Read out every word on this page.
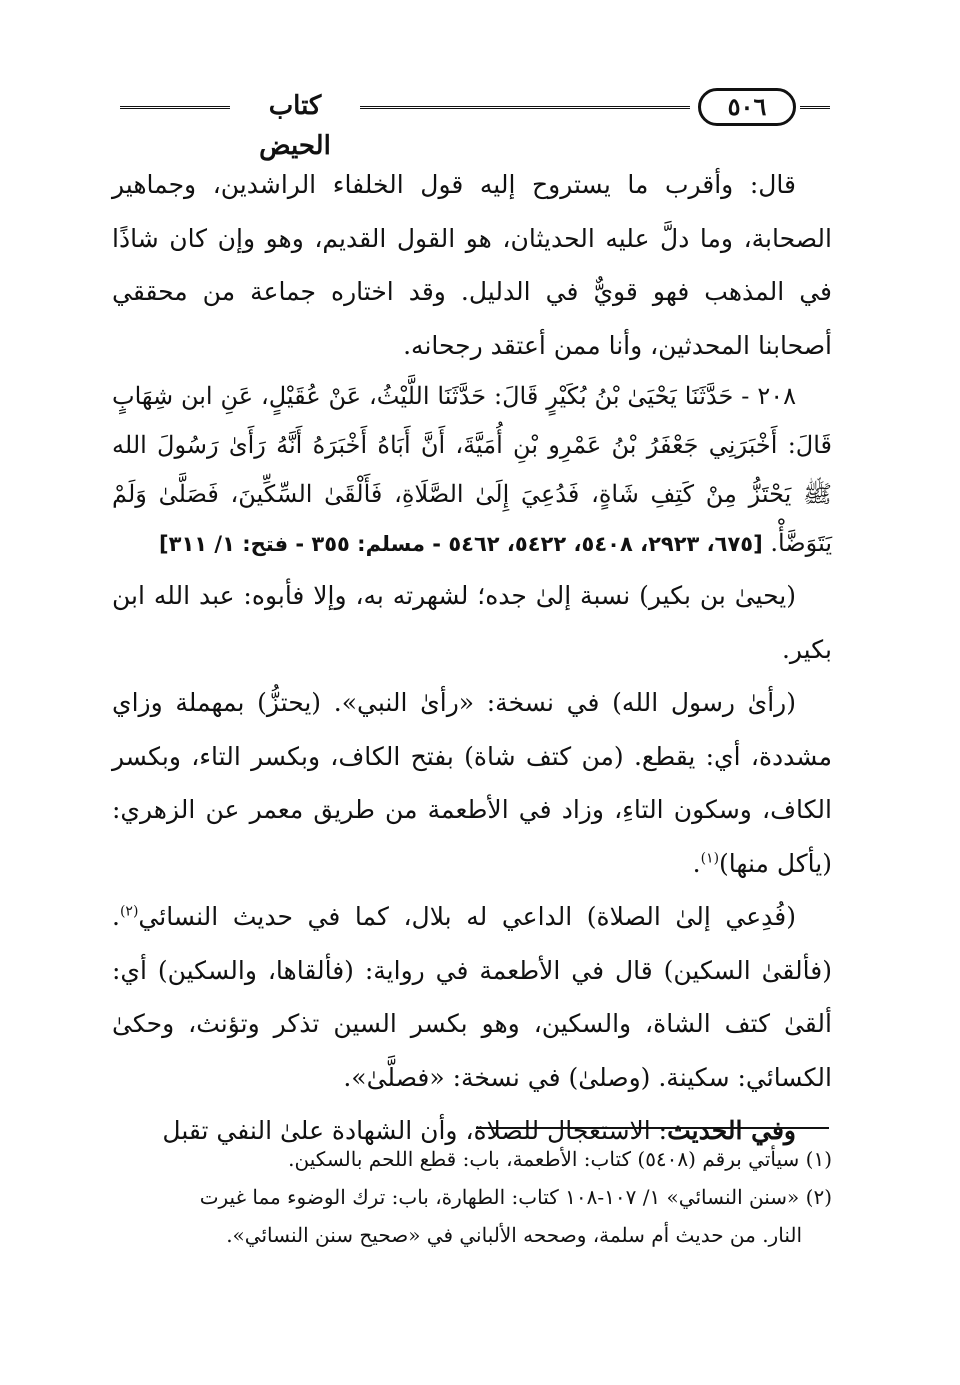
كتاب الحيض
٥٠٦

قال: وأقرب ما يستروح إليه قول الخلفاء الراشدين، وجماهير الصحابة، وما دلَّ عليه الحديثان، هو القول القديم، وهو وإن كان شاذًا في المذهب فهو قويٌّ في الدليل. وقد اختاره جماعة من محققي أصحابنا المحدثين، وأنا ممن أعتقد رجحانه.

٢٠٨ - حَدَّثَنَا يَحْيَىٰ بْنُ بُكَيْرٍ قَالَ: حَدَّثَنَا اللَّيْثُ، عَنْ عُقَيْلٍ، عَنِ ابن شِهَابٍ قَالَ: أَخْبَرَنِي جَعْفَرُ بْنُ عَمْرِو بْنِ أُمَيَّةَ، أَنَّ أَبَاهُ أَخْبَرَهُ أَنَّهُ رَأَىٰ رَسُولَ الله ﷺ يَحْتَزُّ مِنْ كَتِفِ شَاةٍ، فَدُعِيَ إِلَىٰ الصَّلَاةِ، فَأَلْقَىٰ السِّكِّينَ، فَصَلَّىٰ وَلَمْ يَتَوَضَّأْ. [٦٧٥، ٢٩٢٣، ٥٤٠٨، ٥٤٢٢، ٥٤٦٢ - مسلم: ٣٥٥ - فتح: ١/ ٣١١]

(يحيىٰ بن بكير) نسبة إلىٰ جده؛ لشهرته به، وإلا فأبوه: عبد الله ابن بكير.

(رأىٰ رسول الله) في نسخة: «رأىٰ النبي». (يحتزُّ) بمهملة وزاي مشددة، أي: يقطع. (من كتف شاة) بفتح الكاف، وبكسر التاء، وبكسر الكاف، وسكون التاءِ، وزاد في الأطعمة من طريق معمر عن الزهري: (يأكل منها)$^{(١)}$.

(فُدِعي إلىٰ الصلاة) الداعي له بلال، كما في حديث النسائي$^{(٢)}$. (فألقىٰ السكين) قال في الأطعمة في رواية: (فألقاها، والسكين) أي: ألقىٰ كتف الشاة، والسكين، وهو بكسر السين تذكر وتؤنث، وحكىٰ الكسائي: سكينة. (وصلىٰ) في نسخة: «فصلَّىٰ».

وفي الحديث: الاستعجال للصلاة، وأن الشهادة علىٰ النفي تقبل

(١) سيأتي برقم (٥٤٠٨) كتاب: الأطعمة، باب: قطع اللحم بالسكين.

(٢) «سنن النسائي» ١/ ١٠٧-١٠٨ كتاب: الطهارة، باب: ترك الوضوء مما غيرت

النار. من حديث أم سلمة، وصححه الألباني في «صحيح سنن النسائي».
